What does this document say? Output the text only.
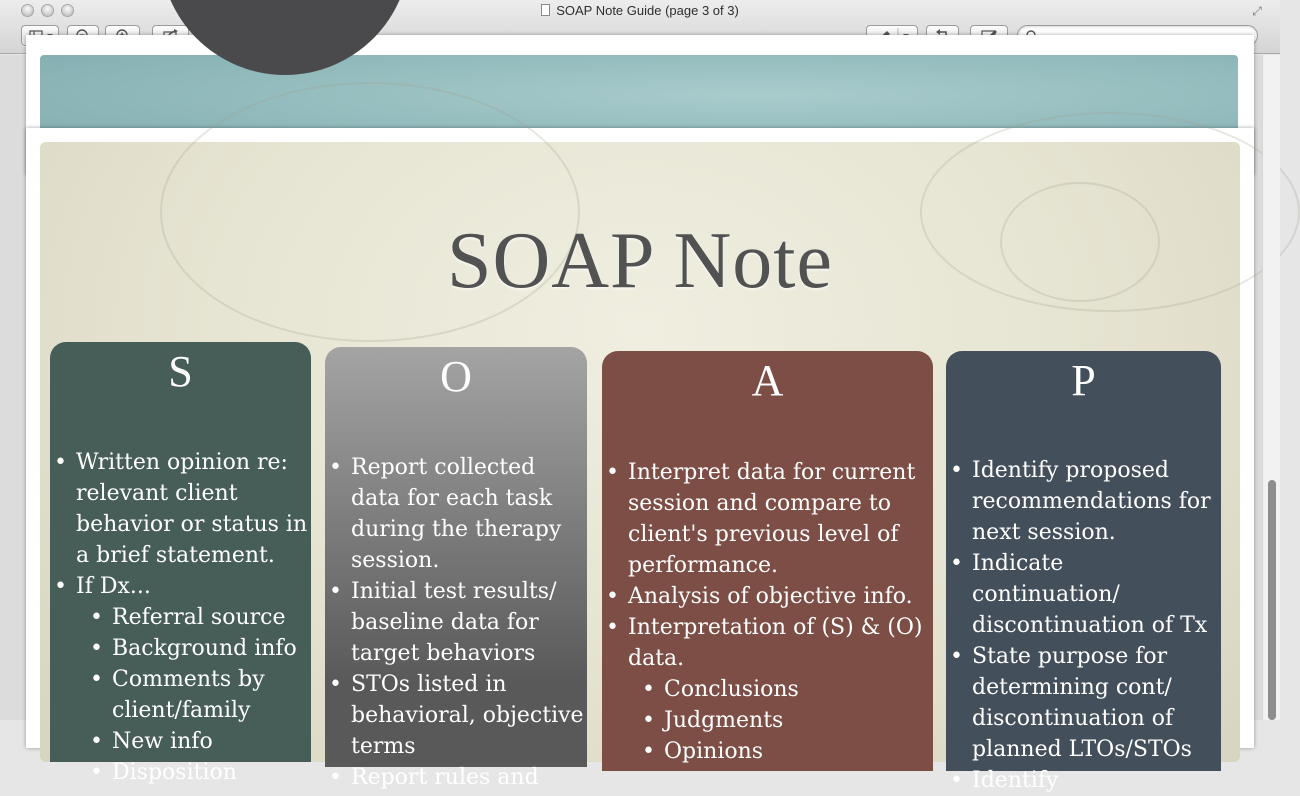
SOAP Note Guide (page 3 of 3)	⤢
SOAP Note
S
• Written opinion re:
relevant client
behavior or status in
a brief statement.
• If Dx...
• Referral source
• Background info
• Comments by
client/family
• New info
• Disposition
O
• Report collected
data for each task
during the therapy
session.
• Initial test results/
baseline data for
target behaviors
• STOs listed in
behavioral, objective
terms
• Report rules and
A
• Interpret data for current
session and compare to
client's previous level of
performance.
• Analysis of objective info.
• Interpretation of (S) & (O)
data.
• Conclusions
• Judgments
• Opinions
P
• Identify proposed
recommendations for
next session.
• Indicate
continuation/
discontinuation of Tx
• State purpose for
determining cont/
discontinuation of
planned LTOs/STOs
• Identify
